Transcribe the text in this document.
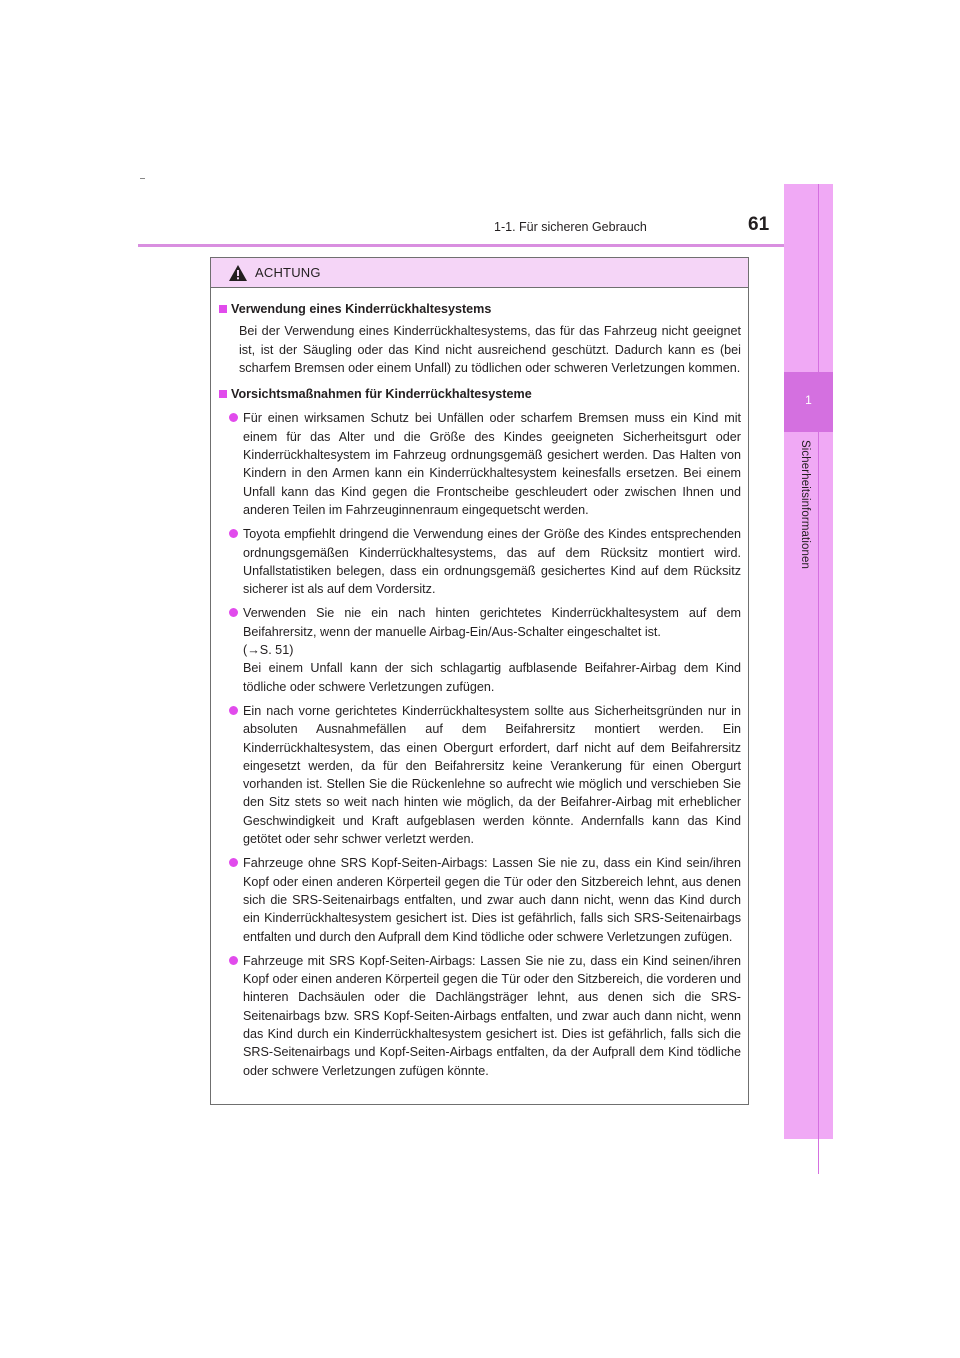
1-1. Für sicheren Gebrauch	61
1
Sicherheitsinformationen
ACHTUNG
Verwendung eines Kinderrückhaltesystems
Bei der Verwendung eines Kinderrückhaltesystems, das für das Fahrzeug nicht geeignet ist, ist der Säugling oder das Kind nicht ausreichend geschützt. Dadurch kann es (bei scharfem Bremsen oder einem Unfall) zu tödlichen oder schweren Verletzungen kommen.
Vorsichtsmaßnahmen für Kinderrückhaltesysteme
Für einen wirksamen Schutz bei Unfällen oder scharfem Bremsen muss ein Kind mit einem für das Alter und die Größe des Kindes geeigneten Sicherheitsgurt oder Kinderrückhaltesystem im Fahrzeug ordnungsgemäß gesichert werden. Das Halten von Kindern in den Armen kann ein Kinderrückhaltesystem keinesfalls ersetzen. Bei einem Unfall kann das Kind gegen die Frontscheibe geschleudert oder zwischen Ihnen und anderen Teilen im Fahrzeuginnenraum eingequetscht werden.
Toyota empfiehlt dringend die Verwendung eines der Größe des Kindes entsprechenden ordnungsgemäßen Kinderrückhaltesystems, das auf dem Rücksitz montiert wird. Unfallstatistiken belegen, dass ein ordnungsgemäß gesichertes Kind auf dem Rücksitz sicherer ist als auf dem Vordersitz.
Verwenden Sie nie ein nach hinten gerichtetes Kinderrückhaltesystem auf dem Beifahrersitz, wenn der manuelle Airbag-Ein/Aus-Schalter eingeschaltet ist.
(→S. 51)
Bei einem Unfall kann der sich schlagartig aufblasende Beifahrer-Airbag dem Kind tödliche oder schwere Verletzungen zufügen.
Ein nach vorne gerichtetes Kinderrückhaltesystem sollte aus Sicherheitsgründen nur in absoluten Ausnahmefällen auf dem Beifahrersitz montiert werden. Ein Kinderrückhaltesystem, das einen Obergurt erfordert, darf nicht auf dem Beifahrersitz eingesetzt werden, da für den Beifahrersitz keine Verankerung für einen Obergurt vorhanden ist. Stellen Sie die Rückenlehne so aufrecht wie möglich und verschieben Sie den Sitz stets so weit nach hinten wie möglich, da der Beifahrer-Airbag mit erheblicher Geschwindigkeit und Kraft aufgeblasen werden könnte. Andernfalls kann das Kind getötet oder sehr schwer verletzt werden.
Fahrzeuge ohne SRS Kopf-Seiten-Airbags: Lassen Sie nie zu, dass ein Kind sein/ihren Kopf oder einen anderen Körperteil gegen die Tür oder den Sitzbereich lehnt, aus denen sich die SRS-Seitenairbags entfalten, und zwar auch dann nicht, wenn das Kind durch ein Kinderrückhaltesystem gesichert ist. Dies ist gefährlich, falls sich SRS-Seitenairbags entfalten und durch den Aufprall dem Kind tödliche oder schwere Verletzungen zufügen.
Fahrzeuge mit SRS Kopf-Seiten-Airbags: Lassen Sie nie zu, dass ein Kind seinen/ihren Kopf oder einen anderen Körperteil gegen die Tür oder den Sitzbereich, die vorderen und hinteren Dachsäulen oder die Dachlängsträger lehnt, aus denen sich die SRS-Seitenairbags bzw. SRS Kopf-Seiten-Airbags entfalten, und zwar auch dann nicht, wenn das Kind durch ein Kinderrückhaltesystem gesichert ist. Dies ist gefährlich, falls sich die SRS-Seitenairbags und Kopf-Seiten-Airbags entfalten, da der Aufprall dem Kind tödliche oder schwere Verletzungen zufügen könnte.
